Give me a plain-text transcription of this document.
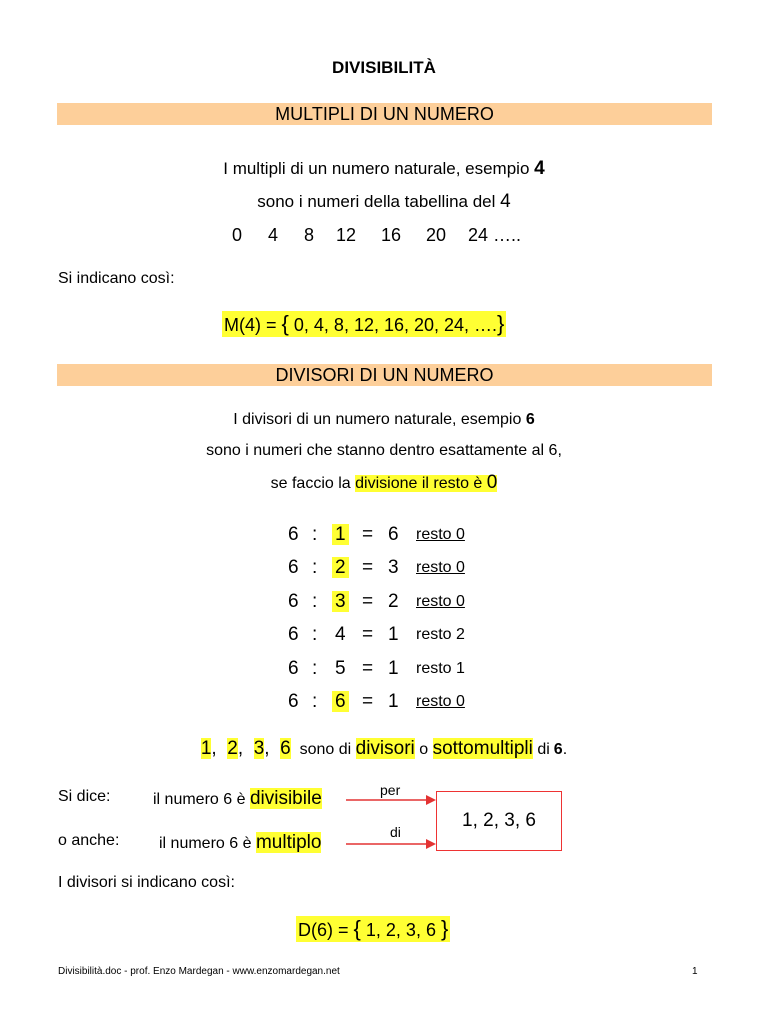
DIVISIBILITÀ
MULTIPLI DI UN NUMERO
I multipli di un numero naturale, esempio 4
sono i numeri della tabellina del 4
0 4 8 12 16 20 24 …..
Si indicano così:
M(4) = { 0, 4, 8, 12, 16, 20, 24, ….}
DIVISORI DI UN NUMERO
I divisori di un numero naturale, esempio 6
sono i numeri che stanno dentro esattamente al 6,
se faccio la divisione il resto è 0
6	:	1	=	6	resto 0
6	:	2	=	3	resto 0
6	:	3	=	2	resto 0
6	:	4	=	1	resto 2
6	:	5	=	1	resto 1
6	:	6	=	1	resto 0
1,  2,  3,  6 sono di divisori o sottomultipli di 6.
Si dice:	il numero 6 è divisibile	per
o anche: il numero 6 è multiplo	di
1, 2, 3, 6
I divisori si indicano così:
D(6) = { 1, 2, 3, 6 }
Divisibilità.doc - prof. Enzo Mardegan - www.enzomardegan.net	1
